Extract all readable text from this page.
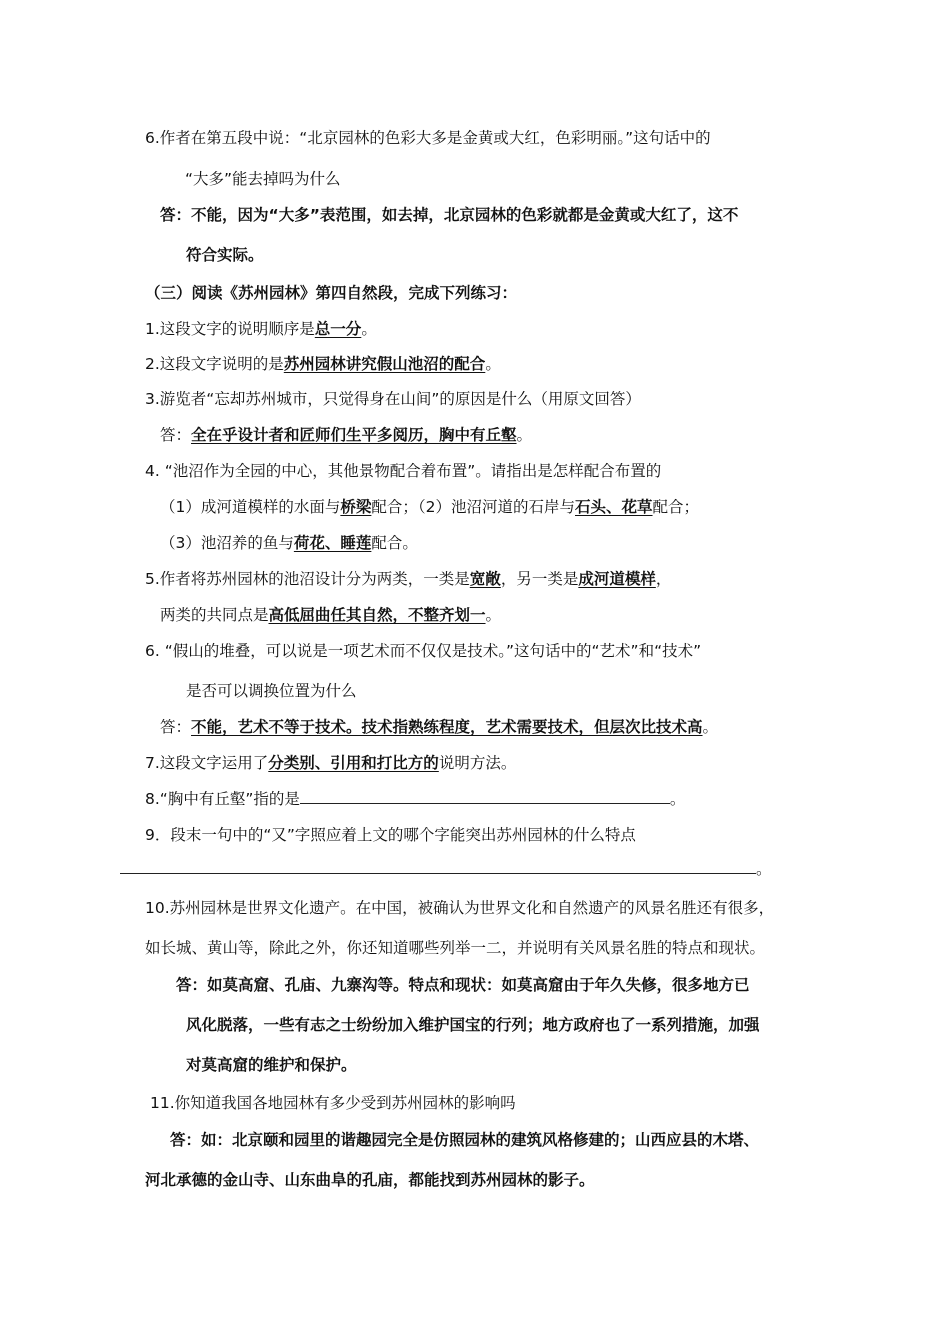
6.作者在第五段中说：“北京园林的色彩大多是金黄或大红，色彩明丽。”这句话中的
“大多”能去掉吗为什么
答：不能，因为“大多”表范围，如去掉，北京园林的色彩就都是金黄或大红了，这不
符合实际。
（三）阅读《苏州园林》第四自然段，完成下列练习：
1.这段文字的说明顺序是总一分。
2.这段文字说明的是苏州园林讲究假山池沼的配合。
3.游览者“忘却苏州城市，只觉得身在山间”的原因是什么（用原文回答）
答：全在乎设计者和匠师们生平多阅历，胸中有丘壑。
4. “池沼作为全园的中心，其他景物配合着布置”。请指出是怎样配合布置的
（1）成河道模样的水面与桥梁配合；（2）池沼河道的石岸与石头、花草配合；
（3）池沼养的鱼与荷花、睡莲配合。
5.作者将苏州园林的池沼设计分为两类，一类是宽敞，另一类是成河道模样，
两类的共同点是高低屈曲任其自然，不整齐划一。
6. “假山的堆叠，可以说是一项艺术而不仅仅是技术。”这句话中的“艺术”和“技术”
是否可以调换位置为什么
答：不能，艺术不等于技术。技术指熟练程度，艺术需要技术，但层次比技术高。
7.这段文字运用了分类别、引用和打比方的说明方法。
8.“胸中有丘壑”指的是	。
9．段末一句中的“又”字照应着上文的哪个字能突出苏州园林的什么特点
。
10.苏州园林是世界文化遗产。在中国，被确认为世界文化和自然遗产的风景名胜还有很多，
如长城、黄山等，除此之外，你还知道哪些列举一二，并说明有关风景名胜的特点和现状。
答：如莫高窟、孔庙、九寨沟等。特点和现状：如莫高窟由于年久失修，很多地方已
风化脱落，一些有志之士纷纷加入维护国宝的行列；地方政府也了一系列措施，加强
对莫高窟的维护和保护。
11.你知道我国各地园林有多少受到苏州园林的影响吗
答：如：北京颐和园里的谐趣园完全是仿照园林的建筑风格修建的；山西应县的木塔、
河北承德的金山寺、山东曲阜的孔庙，都能找到苏州园林的影子。
